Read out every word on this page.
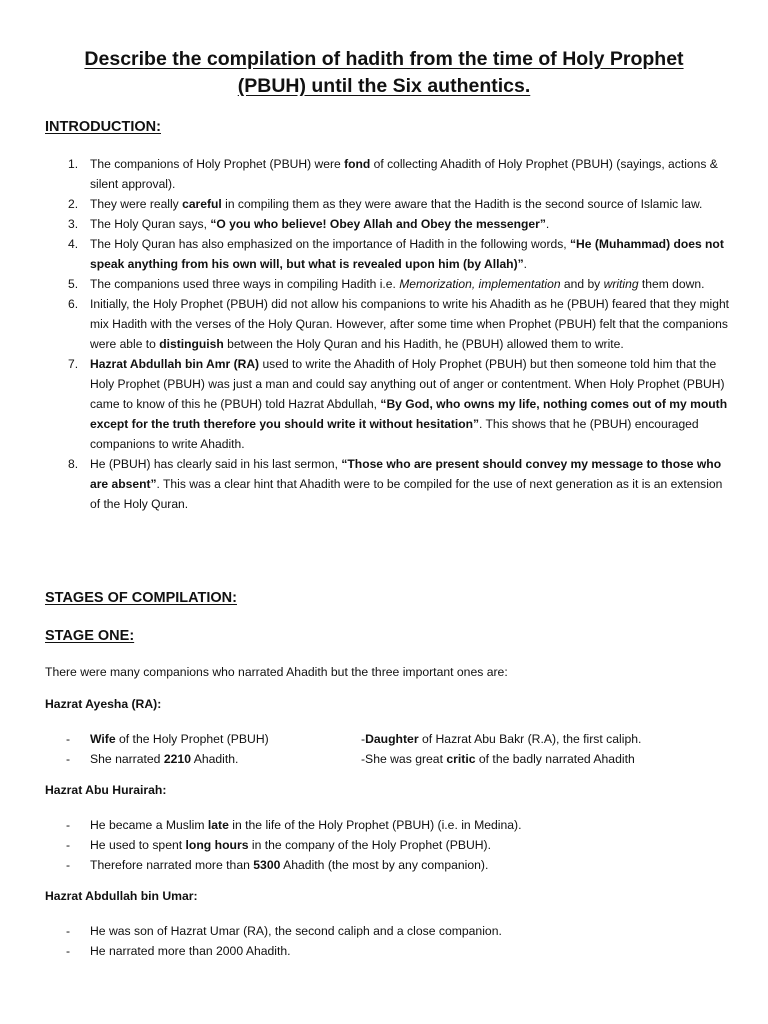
Describe the compilation of hadith from the time of Holy Prophet
(PBUH) until the Six authentics.
INTRODUCTION:
1. The companions of Holy Prophet (PBUH) were fond of collecting Ahadith of Holy Prophet (PBUH) (sayings, actions & silent approval).
2. They were really careful in compiling them as they were aware that the Hadith is the second source of Islamic law.
3. The Holy Quran says, “O you who believe! Obey Allah and Obey the messenger”.
4. The Holy Quran has also emphasized on the importance of Hadith in the following words, “He (Muhammad) does not speak anything from his own will, but what is revealed upon him (by Allah)”.
5. The companions used three ways in compiling Hadith i.e. Memorization, implementation and by writing them down.
6. Initially, the Holy Prophet (PBUH) did not allow his companions to write his Ahadith as he (PBUH) feared that they might mix Hadith with the verses of the Holy Quran. However, after some time when Prophet (PBUH) felt that the companions were able to distinguish between the Holy Quran and his Hadith, he (PBUH) allowed them to write.
7. Hazrat Abdullah bin Amr (RA) used to write the Ahadith of Holy Prophet (PBUH) but then someone told him that the Holy Prophet (PBUH) was just a man and could say anything out of anger or contentment. When Holy Prophet (PBUH) came to know of this he (PBUH) told Hazrat Abdullah, “By God, who owns my life, nothing comes out of my mouth except for the truth therefore you should write it without hesitation”. This shows that he (PBUH) encouraged companions to write Ahadith.
8. He (PBUH) has clearly said in his last sermon, “Those who are present should convey my message to those who are absent”. This was a clear hint that Ahadith were to be compiled for the use of next generation as it is an extension of the Holy Quran.
STAGES OF COMPILATION:
STAGE ONE:
There were many companions who narrated Ahadith but the three important ones are:
Hazrat Ayesha (RA):
- Wife of the Holy Prophet (PBUH)	-Daughter of Hazrat Abu Bakr (R.A), the first caliph.
- She narrated 2210 Ahadith.	-She was great critic of the badly narrated Ahadith
Hazrat Abu Hurairah:
- He became a Muslim late in the life of the Holy Prophet (PBUH) (i.e. in Medina).
- He used to spent long hours in the company of the Holy Prophet (PBUH).
- Therefore narrated more than 5300 Ahadith (the most by any companion).
Hazrat Abdullah bin Umar:
- He was son of Hazrat Umar (RA), the second caliph and a close companion.
- He narrated more than 2000 Ahadith.
